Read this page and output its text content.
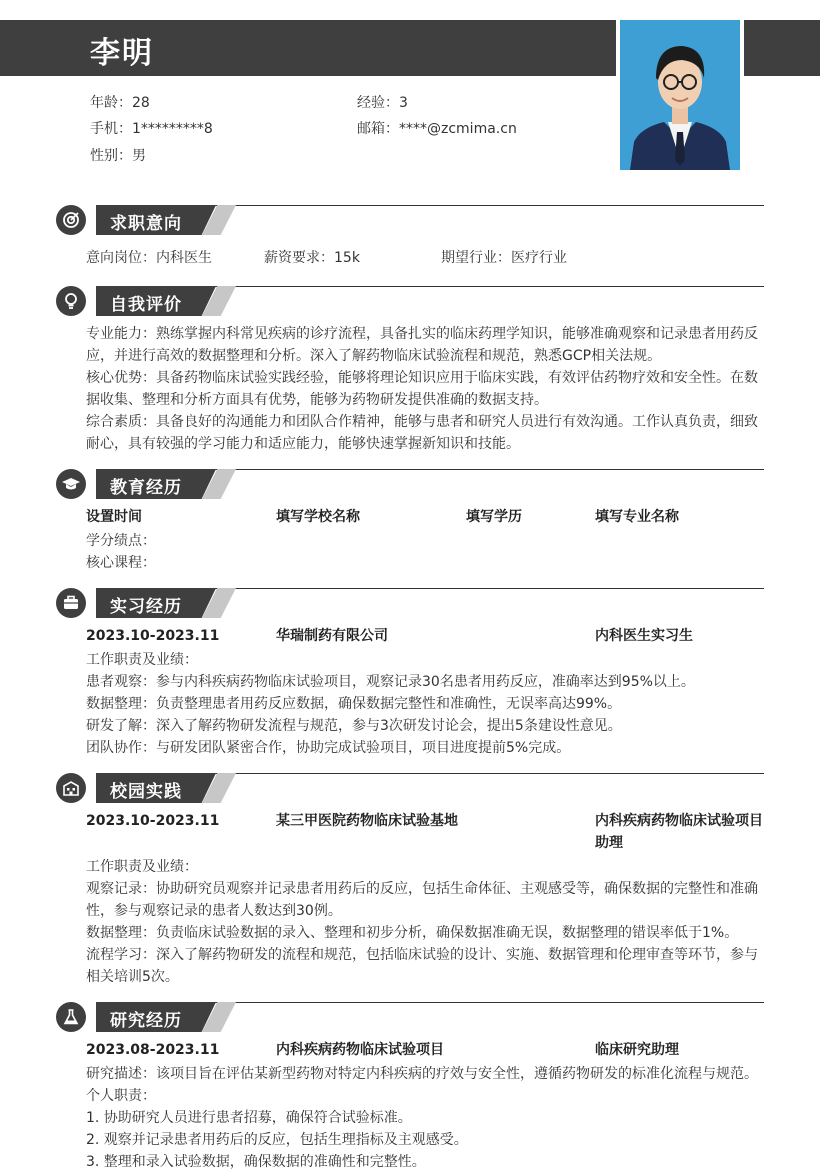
李明
年龄：28	经验：3
手机：1*********8	邮箱：****@zcmima.cn
性别：男
求职意向
意向岗位：内科医生	薪资要求：15k	期望行业：医疗行业
自我评价
专业能力：熟练掌握内科常见疾病的诊疗流程，具备扎实的临床药理学知识，能够准确观察和记录患者用药反
应，并进行高效的数据整理和分析。深入了解药物临床试验流程和规范，熟悉GCP相关法规。
核心优势：具备药物临床试验实践经验，能够将理论知识应用于临床实践，有效评估药物疗效和安全性。在数
据收集、整理和分析方面具有优势，能够为药物研发提供准确的数据支持。
综合素质：具备良好的沟通能力和团队合作精神，能够与患者和研究人员进行有效沟通。工作认真负责，细致
耐心，具有较强的学习能力和适应能力，能够快速掌握新知识和技能。
教育经历
设置时间	填写学校名称	填写学历	填写专业名称
学分绩点：
核心课程：
实习经历
2023.10-2023.11	华瑞制药有限公司	内科医生实习生
工作职责及业绩：
患者观察：参与内科疾病药物临床试验项目，观察记录30名患者用药反应，准确率达到95%以上。
数据整理：负责整理患者用药反应数据，确保数据完整性和准确性，无误率高达99%。
研发了解：深入了解药物研发流程与规范，参与3次研发讨论会，提出5条建设性意见。
团队协作：与研发团队紧密合作，协助完成试验项目，项目进度提前5%完成。
校园实践
2023.10-2023.11	某三甲医院药物临床试验基地	内科疾病药物临床试验项目
助理
工作职责及业绩：
观察记录：协助研究员观察并记录患者用药后的反应，包括生命体征、主观感受等，确保数据的完整性和准确
性，参与观察记录的患者人数达到30例。
数据整理：负责临床试验数据的录入、整理和初步分析，确保数据准确无误，数据整理的错误率低于1%。
流程学习：深入了解药物研发的流程和规范，包括临床试验的设计、实施、数据管理和伦理审查等环节，参与
相关培训5次。
研究经历
2023.08-2023.11	内科疾病药物临床试验项目	临床研究助理
研究描述：该项目旨在评估某新型药物对特定内科疾病的疗效与安全性，遵循药物研发的标准化流程与规范。
个人职责：
1. 协助研究人员进行患者招募，确保符合试验标准。
2. 观察并记录患者用药后的反应，包括生理指标及主观感受。
3. 整理和录入试验数据，确保数据的准确性和完整性。
